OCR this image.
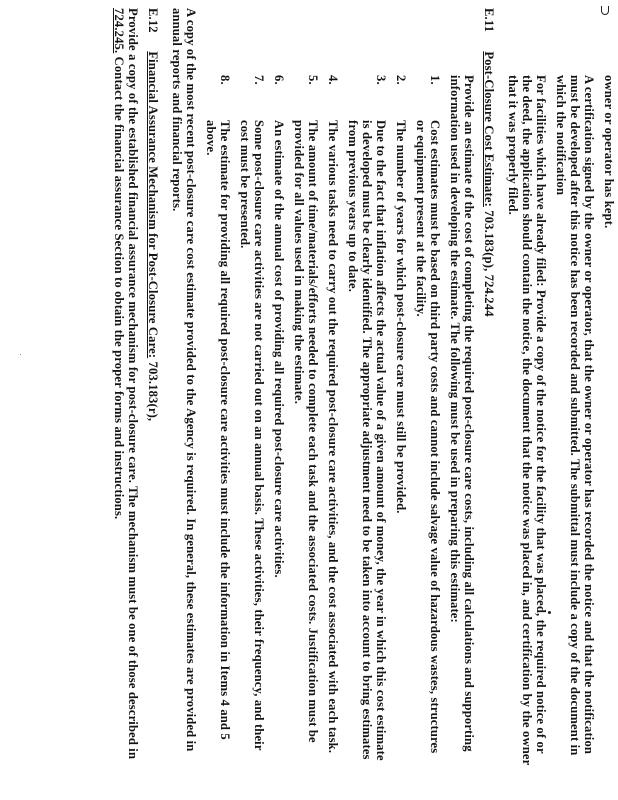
owner or operator has kept.

A certification signed by the owner or operator, that the owner or operator has recorded the notice and that the notification must be developed after this notice has been recorded and submitted. The submittal must include a copy of the document in which the notification

For facilities which have already filed: Provide a copy of the notice for the facility that was placed, the required notice of or the deed, the application should contain the notice, the document that the notice was placed in, and certification by the owner that it was properly filed.

E.11 Post-Closure Cost Estimate: 703.183(p), 724.244

Provide an estimate of the cost of completing the required post-closure care costs, including all calculations and supporting information used in developing the estimate. The following must be used in preparing this estimate:

1.
Cost estimates must be based on third party costs and cannot include salvage value of hazardous wastes, structures or equipment present at the facility.
2.
The number of years for which post-closure care must still be provided.
3.
Due to the fact that inflation affects the actual value of a given amount of money, the year in which this cost estimate is developed must be clearly identified. The appropriate adjustment need to be taken into account to bring estimates from previous years up to date.
4.
The various tasks need to carry out the required post-closure care activities, and the cost associated with each task.
5.
The amount of time/materials/efforts needed to complete each task and the associated costs. Justification must be provided for all values used in making the estimate.
6.
An estimate of the annual cost of providing all required post-closure care activities.
7.
Some post-closure care activities are not carried out on an annual basis. These activities, their frequency, and their cost must be presented.
8.
The estimate for providing all required post-closure care activities must include the information in Items 4 and 5 above.

A copy of the most recent post-closure care cost estimate provided to the Agency is required. In general, these estimates are provided in annual reports and financial reports.

E.12 Financial Assurance Mechanism for Post-Closure Care: 703.183(r),

Provide a copy of the established financial assurance mechanism for post-closure care. The mechanism must be one of those described in 724.245. Contact the financial assurance Section to obtain the proper forms and instructions.
